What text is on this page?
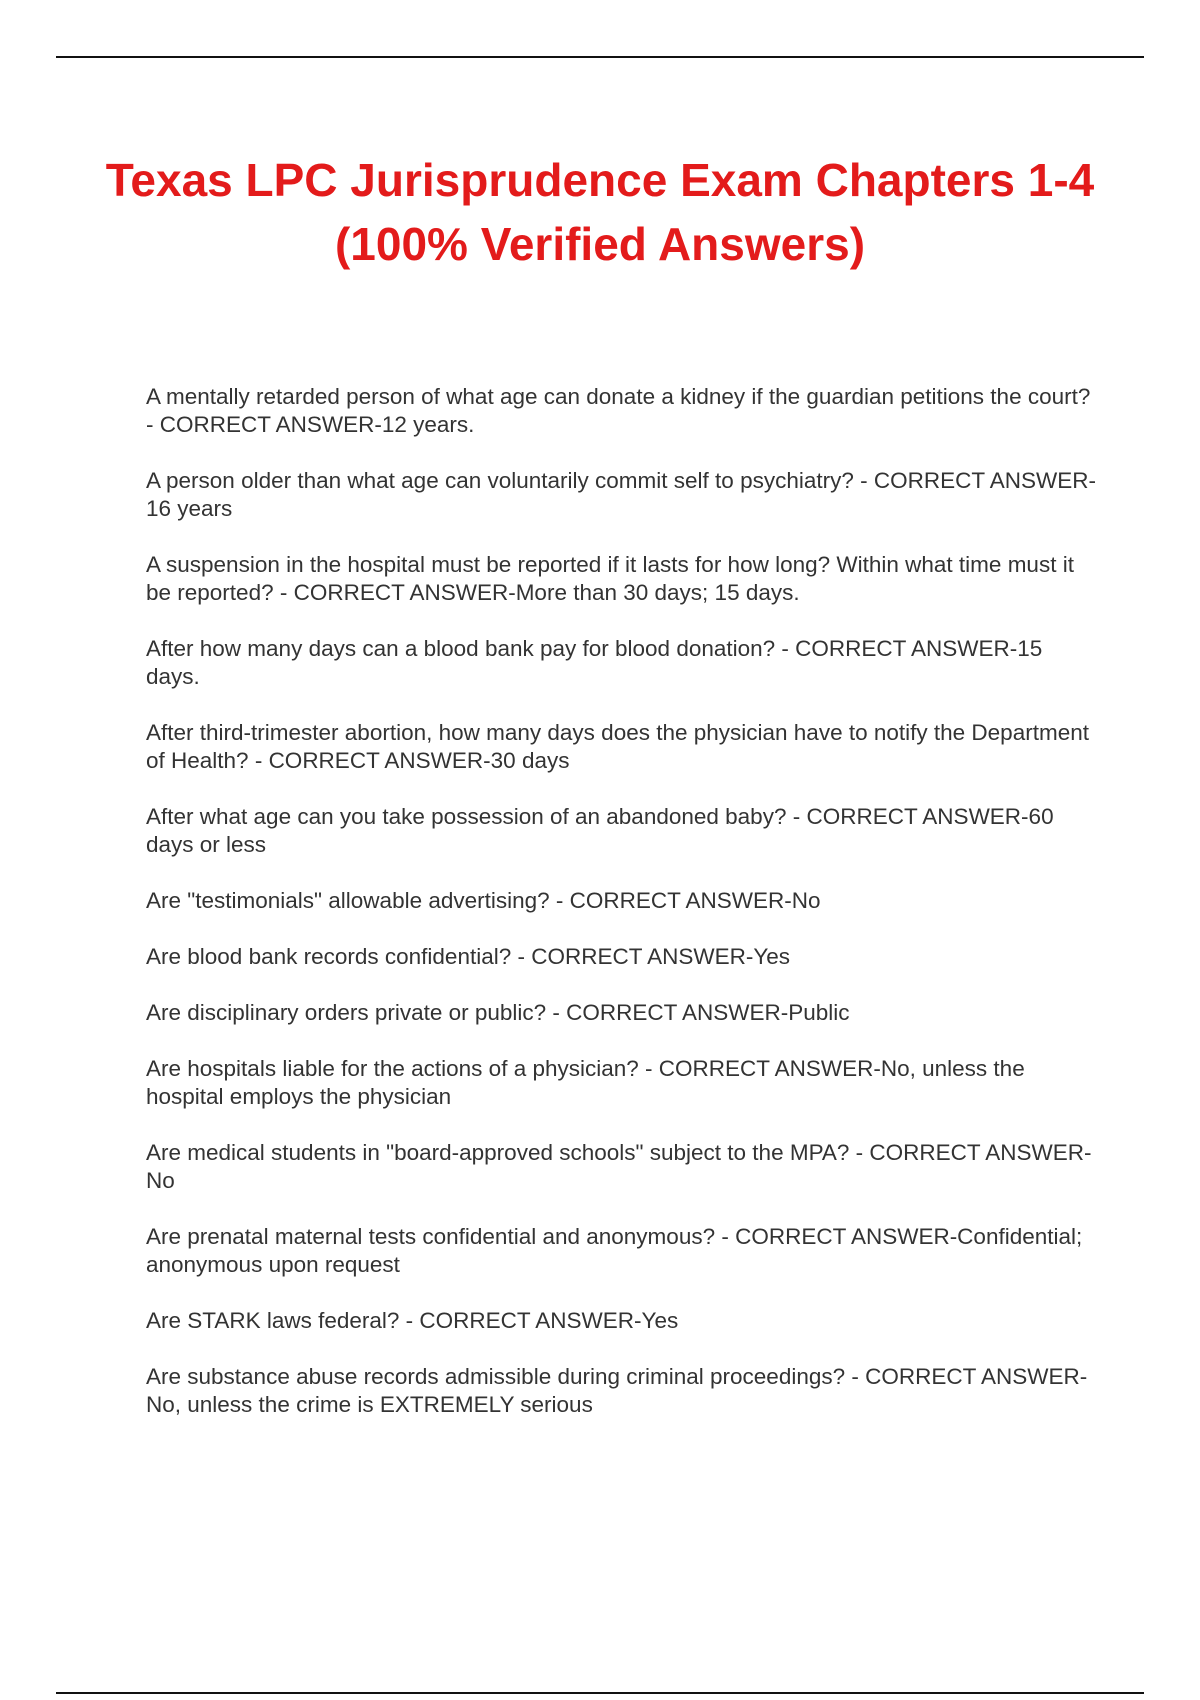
Texas LPC Jurisprudence Exam Chapters 1-4
(100% Verified Answers)
A mentally retarded person of what age can donate a kidney if the guardian petitions the court? - CORRECT ANSWER-12 years.
A person older than what age can voluntarily commit self to psychiatry? - CORRECT ANSWER-16 years
A suspension in the hospital must be reported if it lasts for how long? Within what time must it be reported? - CORRECT ANSWER-More than 30 days; 15 days.
After how many days can a blood bank pay for blood donation? - CORRECT ANSWER-15 days.
After third-trimester abortion, how many days does the physician have to notify the Department of Health? - CORRECT ANSWER-30 days
After what age can you take possession of an abandoned baby? - CORRECT ANSWER-60 days or less
Are "testimonials" allowable advertising? - CORRECT ANSWER-No
Are blood bank records confidential? - CORRECT ANSWER-Yes
Are disciplinary orders private or public? - CORRECT ANSWER-Public
Are hospitals liable for the actions of a physician? - CORRECT ANSWER-No, unless the hospital employs the physician
Are medical students in "board-approved schools" subject to the MPA? - CORRECT ANSWER-No
Are prenatal maternal tests confidential and anonymous? - CORRECT ANSWER-Confidential; anonymous upon request
Are STARK laws federal? - CORRECT ANSWER-Yes
Are substance abuse records admissible during criminal proceedings? - CORRECT ANSWER-No, unless the crime is EXTREMELY serious
